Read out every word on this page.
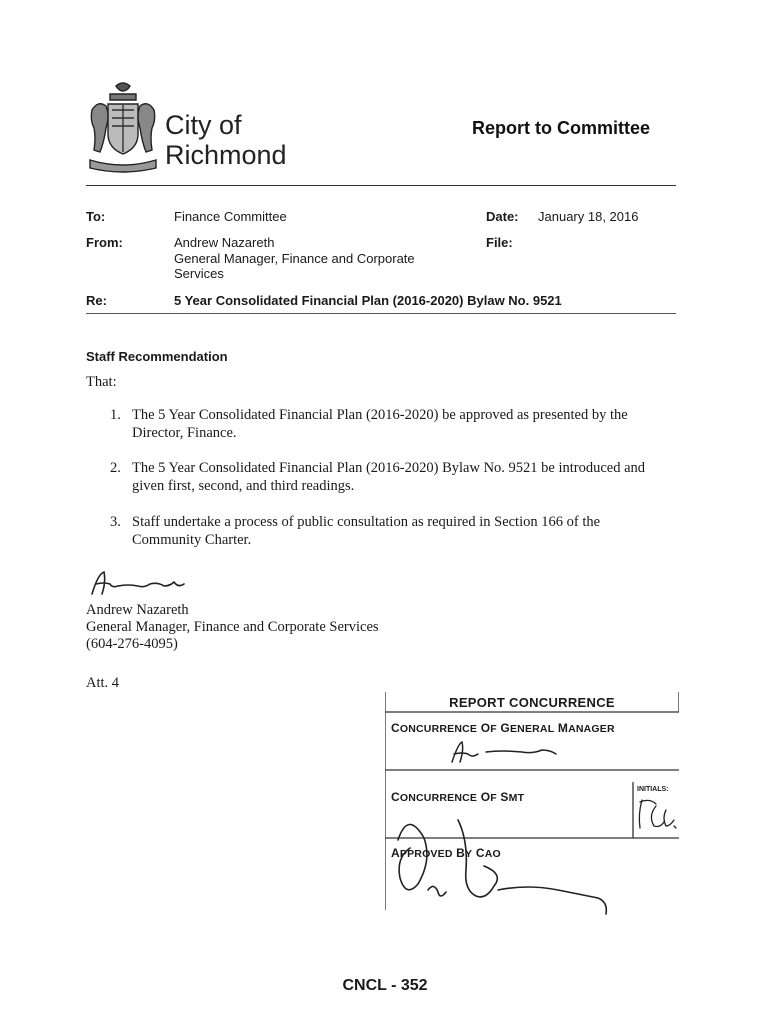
City of
Richmond
Report to Committee
To:	Finance Committee	Date: January 18, 2016
From:	Andrew Nazareth
General Manager, Finance and Corporate
Services
File:
Re:	5 Year Consolidated Financial Plan (2016-2020) Bylaw No. 9521
Staff Recommendation
That:
1. The 5 Year Consolidated Financial Plan (2016-2020) be approved as presented by the
Director, Finance.
2. The 5 Year Consolidated Financial Plan (2016-2020) Bylaw No. 9521 be introduced and
given first, second, and third readings.
3. Staff undertake a process of public consultation as required in Section 166 of the
Community Charter.
Andrew Nazareth
General Manager, Finance and Corporate Services
(604-276-4095)
Att. 4
REPORT CONCURRENCE
CONCURRENCE OF GENERAL MANAGER
CONCURRENCE OF SMT
INITIALS:
APPROVED BY CAO
CNCL - 352
